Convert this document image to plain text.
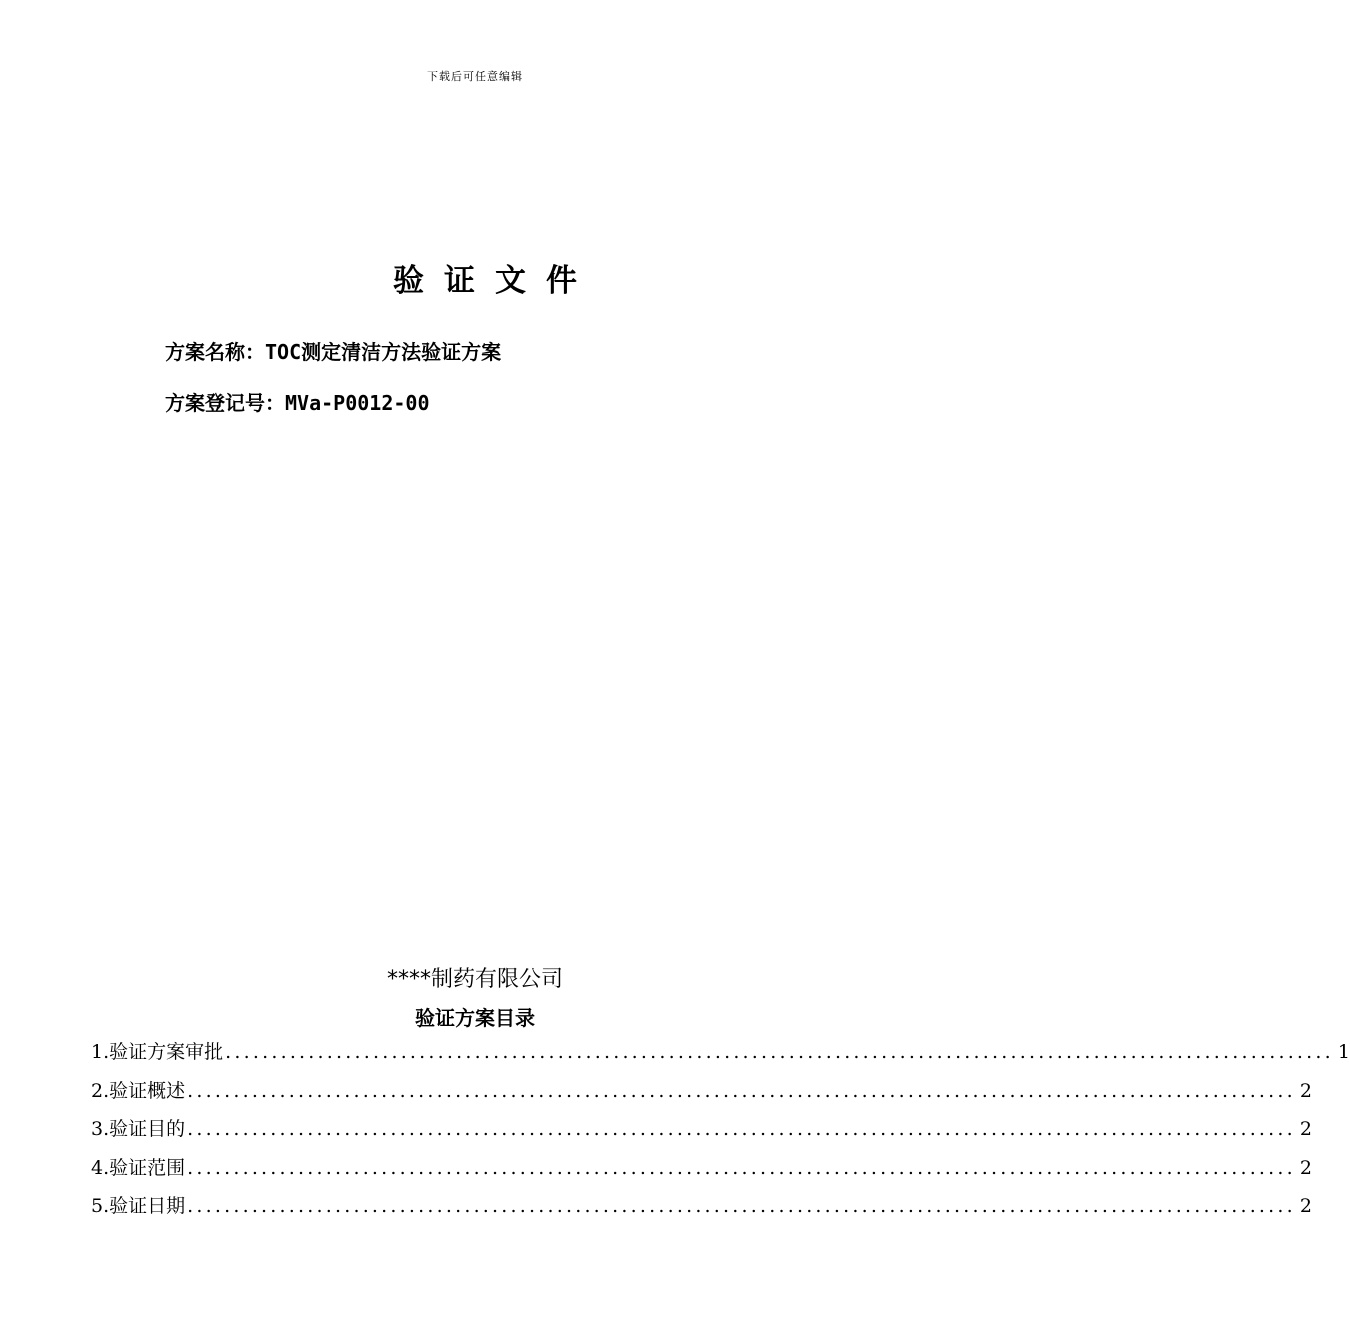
下载后可任意编辑
验证文件
方案名称：TOC测定清洁方法验证方案
方案登记号：MVa-P0012-00
****制药有限公司
验证方案目录
1.验证方案审批 ........................................................................................................................ 1
2.验证概述 ........................................................................................................................ 2
3.验证目的 ........................................................................................................................ 2
4.验证范围 ........................................................................................................................ 2
5.验证日期 ........................................................................................................................ 2
